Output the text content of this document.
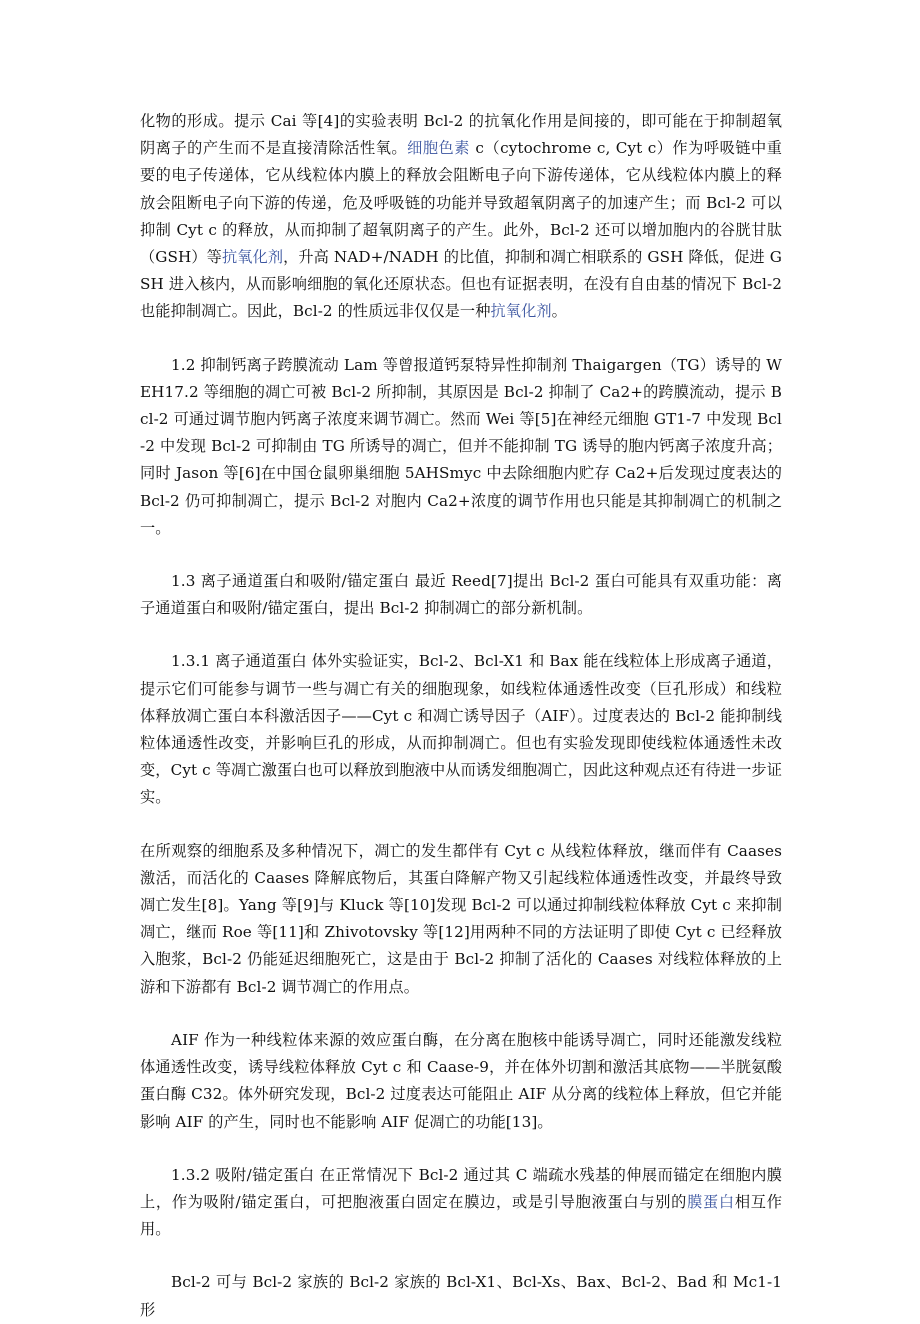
化物的形成。提示 Cai 等[4]的实验表明 Bcl-2 的抗氧化作用是间接的，即可能在于抑制超氧阴离子的产生而不是直接清除活性氧。细胞色素 c（cytochrome c, Cyt c）作为呼吸链中重要的电子传递体，它从线粒体内膜上的释放会阻断电子向下游传递体，它从线粒体内膜上的释放会阻断电子向下游的传递，危及呼吸链的功能并导致超氧阴离子的加速产生；而 Bcl-2 可以抑制 Cyt c 的释放，从而抑制了超氧阴离子的产生。此外，Bcl-2 还可以增加胞内的谷胱甘肽（GSH）等抗氧化剂，升高 NAD+/NADH 的比值，抑制和凋亡相联系的 GSH 降低，促进 GSH 进入核内，从而影响细胞的氧化还原状态。但也有证据表明，在没有自由基的情况下 Bcl-2 也能抑制凋亡。因此，Bcl-2 的性质远非仅仅是一种抗氧化剂。

1.2 抑制钙离子跨膜流动 Lam 等曾报道钙泵特异性抑制剂 Thaigargen（TG）诱导的 WEH17.2 等细胞的凋亡可被 Bcl-2 所抑制，其原因是 Bcl-2 抑制了 Ca2+的跨膜流动，提示 Bcl-2 可通过调节胞内钙离子浓度来调节凋亡。然而 Wei 等[5]在神经元细胞 GT1-7 中发现 Bcl-2 中发现 Bcl-2 可抑制由 TG 所诱导的凋亡，但并不能抑制 TG 诱导的胞内钙离子浓度升高；同时 Jason 等[6]在中国仓鼠卵巢细胞 5AHSmyc 中去除细胞内贮存 Ca2+后发现过度表达的 Bcl-2 仍可抑制凋亡，提示 Bcl-2 对胞内 Ca2+浓度的调节作用也只能是其抑制凋亡的机制之一。

1.3 离子通道蛋白和吸附/锚定蛋白 最近 Reed[7]提出 Bcl-2 蛋白可能具有双重功能：离子通道蛋白和吸附/锚定蛋白，提出 Bcl-2 抑制凋亡的部分新机制。

1.3.1 离子通道蛋白 体外实验证实，Bcl-2、Bcl-X1 和 Bax 能在线粒体上形成离子通道，提示它们可能参与调节一些与凋亡有关的细胞现象，如线粒体通透性改变（巨孔形成）和线粒体释放凋亡蛋白本科激活因子——Cyt c 和凋亡诱导因子（AIF）。过度表达的 Bcl-2 能抑制线粒体通透性改变，并影响巨孔的形成，从而抑制凋亡。但也有实验发现即使线粒体通透性未改变，Cyt c 等凋亡激蛋白也可以释放到胞液中从而诱发细胞凋亡，因此这种观点还有待进一步证实。

在所观察的细胞系及多种情况下，凋亡的发生都伴有 Cyt c 从线粒体释放，继而伴有 Caases 激活，而活化的 Caases 降解底物后，其蛋白降解产物又引起线粒体通透性改变，并最终导致凋亡发生[8]。Yang 等[9]与 Kluck 等[10]发现 Bcl-2 可以通过抑制线粒体释放 Cyt c 来抑制凋亡，继而 Roe 等[11]和 Zhivotovsky 等[12]用两种不同的方法证明了即使 Cyt c 已经释放入胞浆，Bcl-2 仍能延迟细胞死亡，这是由于 Bcl-2 抑制了活化的 Caases 对线粒体释放的上游和下游都有 Bcl-2 调节凋亡的作用点。

AIF 作为一种线粒体来源的效应蛋白酶，在分离在胞核中能诱导凋亡，同时还能激发线粒体通透性改变，诱导线粒体释放 Cyt c 和 Caase-9，并在体外切割和激活其底物——半胱氨酸蛋白酶 C32。体外研究发现，Bcl-2 过度表达可能阻止 AIF 从分离的线粒体上释放，但它并能影响 AIF 的产生，同时也不能影响 AIF 促凋亡的功能[13]。

1.3.2 吸附/锚定蛋白 在正常情况下 Bcl-2 通过其 C 端疏水残基的伸展而锚定在细胞内膜上，作为吸附/锚定蛋白，可把胞液蛋白固定在膜边，或是引导胞液蛋白与别的膜蛋白相互作用。

Bcl-2 可与 Bcl-2 家族的 Bcl-2 家族的 Bcl-X1、Bcl-Xs、Bax、Bcl-2、Bad 和 Mc1-1 形
